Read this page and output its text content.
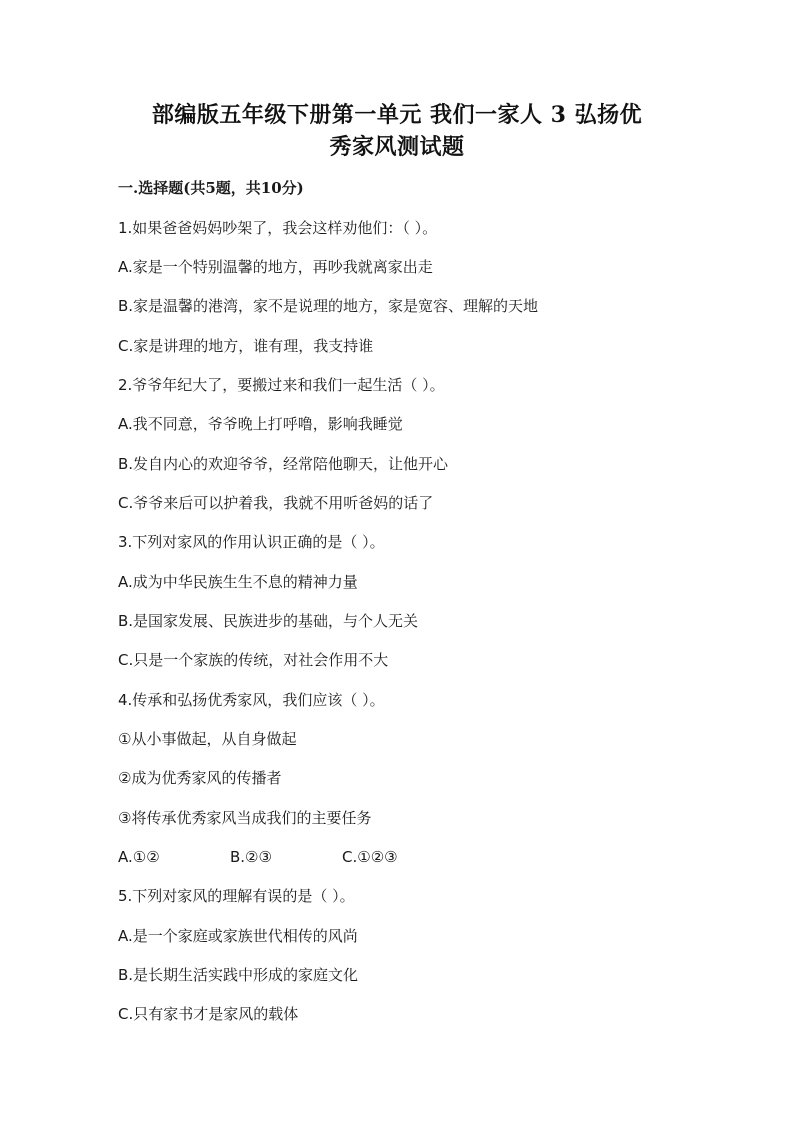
部编版五年级下册第一单元 我们一家人 3 弘扬优
秀家风测试题
一.选择题(共5题，共10分)
1.如果爸爸妈妈吵架了，我会这样劝他们：（ ）。
A.家是一个特别温馨的地方，再吵我就离家出走
B.家是温馨的港湾，家不是说理的地方，家是宽容、理解的天地
C.家是讲理的地方，谁有理，我支持谁
2.爷爷年纪大了，要搬过来和我们一起生活（ ）。
A.我不同意，爷爷晚上打呼噜，影响我睡觉
B.发自内心的欢迎爷爷，经常陪他聊天，让他开心
C.爷爷来后可以护着我，我就不用听爸妈的话了
3.下列对家风的作用认识正确的是（ ）。
A.成为中华民族生生不息的精神力量
B.是国家发展、民族进步的基础，与个人无关
C.只是一个家族的传统，对社会作用不大
4.传承和弘扬优秀家风，我们应该（ ）。
①从小事做起，从自身做起
②成为优秀家风的传播者
③将传承优秀家风当成我们的主要任务
A.①②	B.②③	C.①②③
5.下列对家风的理解有误的是（ ）。
A.是一个家庭或家族世代相传的风尚
B.是长期生活实践中形成的家庭文化
C.只有家书才是家风的载体
